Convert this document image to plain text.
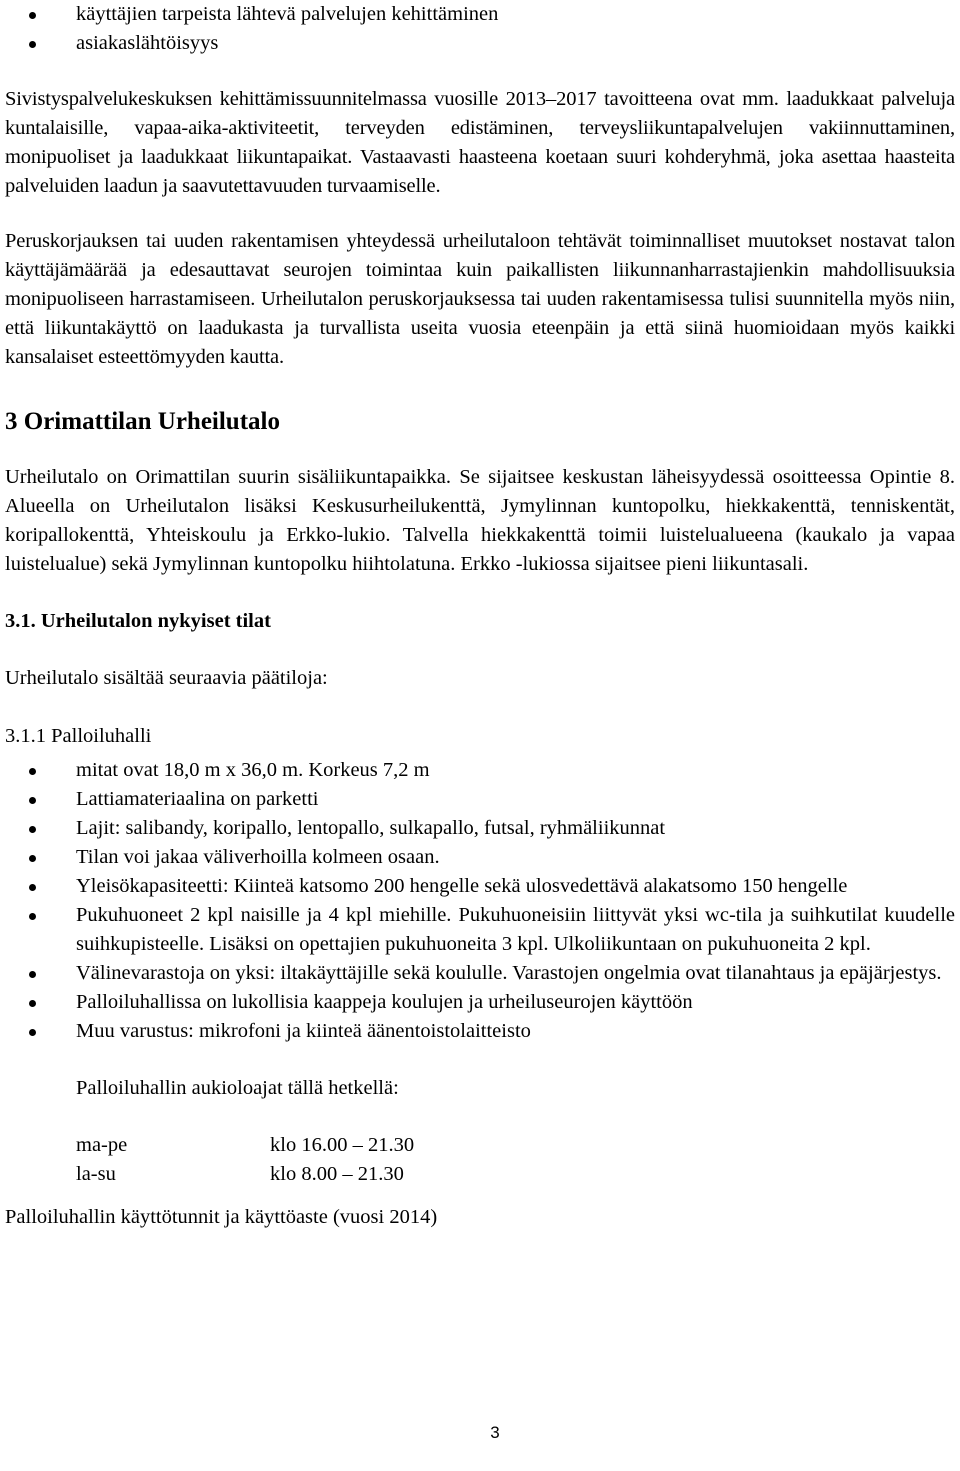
käyttäjien tarpeista lähtevä palvelujen kehittäminen
asiakaslähtöisyys

Sivistyspalvelukeskuksen kehittämissuunnitelmassa vuosille 2013–2017 tavoitteena ovat mm. laadukkaat palveluja kuntalaisille, vapaa-aika-aktiviteetit, terveyden edistäminen, terveysliikuntapalvelujen vakiinnuttaminen, monipuoliset ja laadukkaat liikuntapaikat. Vastaavasti haasteena koetaan suuri kohderyhmä, joka asettaa haasteita palveluiden laadun ja saavutettavuuden turvaamiselle.

Peruskorjauksen tai uuden rakentamisen yhteydessä urheilutaloon tehtävät toiminnalliset muutokset nostavat talon käyttäjämäärää ja edesauttavat seurojen toimintaa kuin paikallisten liikunnanharrastajienkin mahdollisuuksia monipuoliseen harrastamiseen. Urheilutalon peruskorjauksessa tai uuden rakentamisessa tulisi suunnitella myös niin, että liikuntakäyttö on laadukasta ja turvallista useita vuosia eteenpäin ja että siinä huomioidaan myös kaikki kansalaiset esteettömyyden kautta.

3 Orimattilan Urheilutalo

Urheilutalo on Orimattilan suurin sisäliikuntapaikka. Se sijaitsee keskustan läheisyydessä osoitteessa Opintie 8. Alueella on Urheilutalon lisäksi Keskusurheilukenttä, Jymylinnan kuntopolku, hiekkakenttä, tenniskentät, koripallokenttä, Yhteiskoulu ja Erkko-lukio. Talvella hiekkakenttä toimii luistelualueena (kaukalo ja vapaa luistelualue) sekä Jymylinnan kuntopolku hiihtolatuna. Erkko -lukiossa sijaitsee pieni liikuntasali.

3.1. Urheilutalon nykyiset tilat

Urheilutalo sisältää seuraavia päätiloja:

3.1.1 Palloiluhalli

mitat ovat 18,0 m x 36,0 m. Korkeus 7,2 m
Lattiamateriaalina on parketti
Lajit: salibandy, koripallo, lentopallo, sulkapallo, futsal, ryhmäliikunnat
Tilan voi jakaa väliverhoilla kolmeen osaan.
Yleisökapasiteetti: Kiinteä katsomo 200 hengelle sekä ulosvedettävä alakatsomo 150 hengelle
Pukuhuoneet 2 kpl naisille ja 4 kpl miehille. Pukuhuoneisiin liittyvät yksi wc-tila ja suihkutilat kuudelle suihkupisteelle. Lisäksi on opettajien pukuhuoneita 3 kpl. Ulkoliikuntaan on pukuhuoneita 2 kpl.
Välinevarastoja on yksi: iltakäyttäjille sekä koululle. Varastojen ongelmia ovat tilanahtaus ja epäjärjestys.
Palloiluhallissa on lukollisia kaappeja koulujen ja urheiluseurojen käyttöön
Muu varustus: mikrofoni ja kiinteä äänentoistolaitteisto

Palloiluhallin aukioloajat tällä hetkellä:

ma-pe	klo 16.00 – 21.30
la-su	klo 8.00 – 21.30

Palloiluhallin käyttötunnit ja käyttöaste (vuosi 2014)

3
